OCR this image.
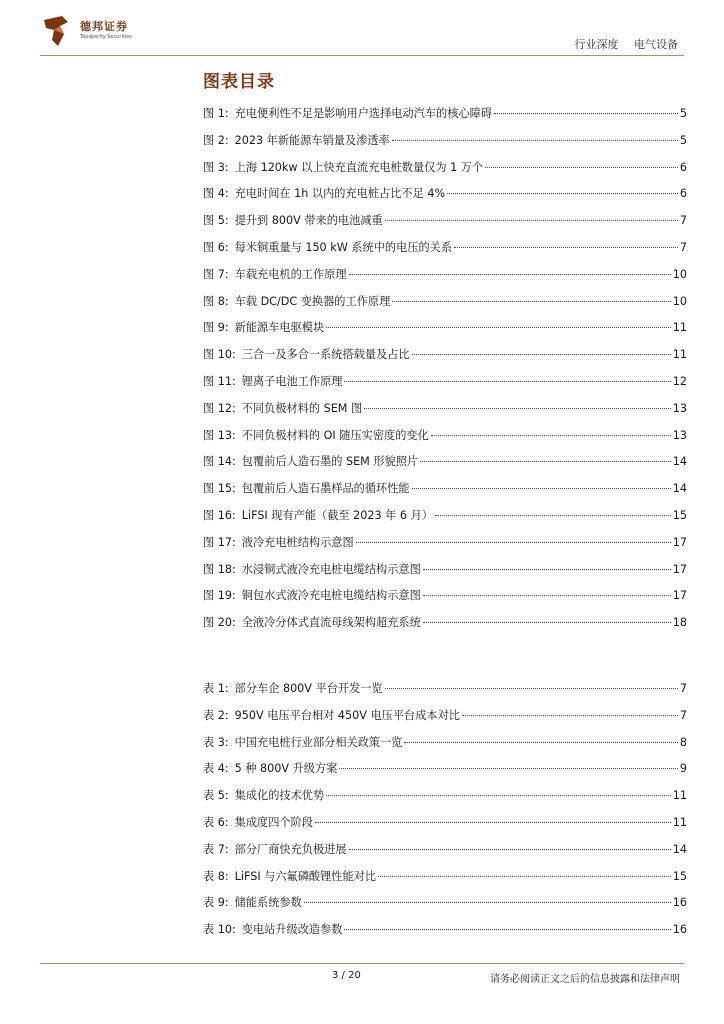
德邦证券
Topsperity Securities
行业深度 电气设备
图表目录
图 1: 充电便利性不足是影响用户选择电动汽车的核心障碍	5
图 2: 2023 年新能源车销量及渗透率	5
图 3: 上海 120kw 以上快充直流充电桩数量仅为 1 万个	6
图 4: 充电时间在 1h 以内的充电桩占比不足 4%	6
图 5: 提升到 800V 带来的电池减重	7
图 6: 每米铜重量与 150 kW 系统中的电压的关系	7
图 7: 车载充电机的工作原理	10
图 8: 车载 DC/DC 变换器的工作原理	10
图 9: 新能源车电驱模块	11
图 10: 三合一及多合一系统搭载量及占比	11
图 11: 锂离子电池工作原理	12
图 12: 不同负极材料的 SEM 图	13
图 13: 不同负极材料的 OI 随压实密度的变化	13
图 14: 包覆前后人造石墨的 SEM 形貌照片	14
图 15: 包覆前后人造石墨样品的循环性能	14
图 16: LiFSI 现有产能（截至 2023 年 6 月）	15
图 17: 液冷充电桩结构示意图	17
图 18: 水浸铜式液冷充电桩电缆结构示意图	17
图 19: 铜包水式液冷充电桩电缆结构示意图	17
图 20: 全液冷分体式直流母线架构超充系统	18
表 1: 部分车企 800V 平台开发一览	7
表 2: 950V 电压平台相对 450V 电压平台成本对比	7
表 3: 中国充电桩行业部分相关政策一览	8
表 4: 5 种 800V 升级方案	9
表 5: 集成化的技术优势	11
表 6: 集成度四个阶段	11
表 7: 部分厂商快充负极进展	14
表 8: LiFSI 与六氟磷酸锂性能对比	15
表 9: 储能系统参数	16
表 10: 变电站升级改造参数	16
3 / 20	请务必阅读正文之后的信息披露和法律声明
